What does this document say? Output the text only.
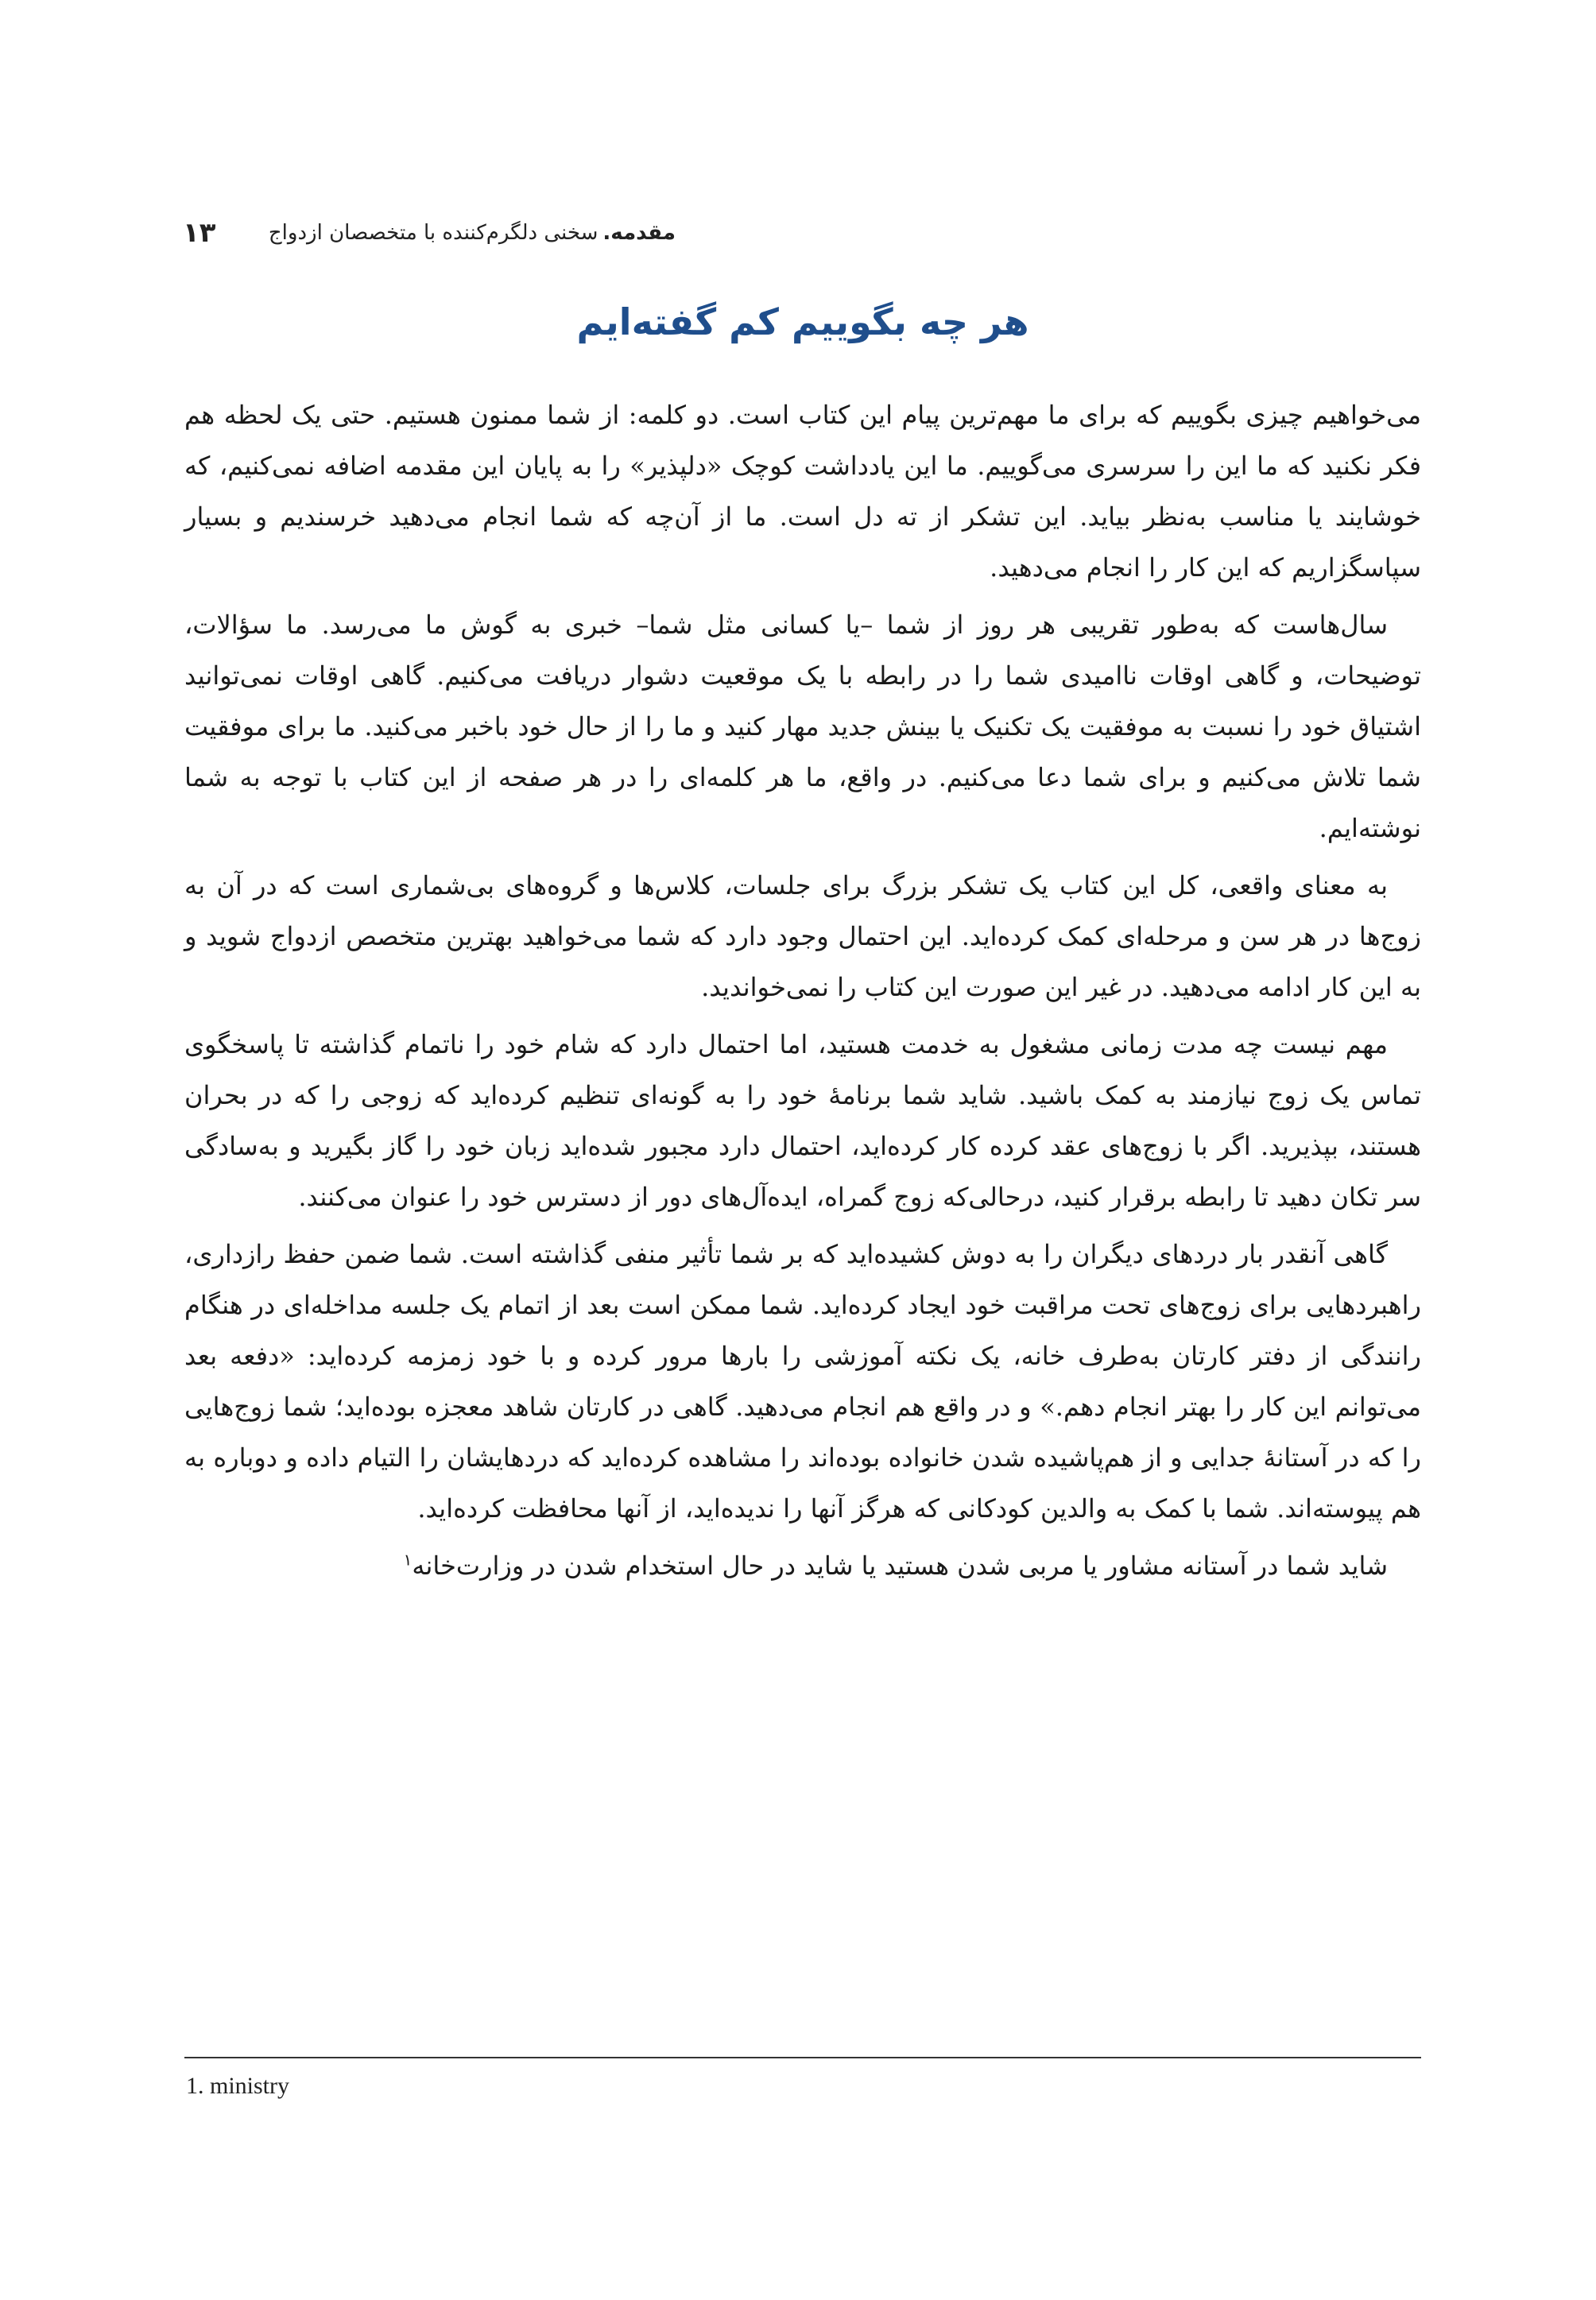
مقدمه.
سخنی دلگرم‌کننده با متخصصان ازدواج
۱۳
هر چه بگوییم کم گفته‌ایم

می‌خواهیم چیزی بگوییم که برای ما مهم‌ترین پیام این کتاب است. دو کلمه: از شما ممنون هستیم. حتی یک لحظه هم فکر نکنید که ما این را سرسری می‌گوییم. ما این یادداشت کوچک «دلپذیر» را به پایان این مقدمه اضافه نمی‌کنیم، که خوشایند یا مناسب به‌نظر بیاید. این تشکر از ته دل است. ما از آن‌چه که شما انجام می‌دهید خرسندیم و بسیار سپاسگزاریم که این کار را انجام می‌دهید.

سال‌هاست که به‌طور تقریبی هر روز از شما –یا کسانی مثل شما– خبری به گوش ما می‌رسد. ما سؤالات، توضیحات، و گاهی اوقات ناامیدی شما را در رابطه با یک موقعیت دشوار دریافت می‌کنیم. گاهی اوقات نمی‌توانید اشتیاق خود را نسبت به موفقیت یک تکنیک یا بینش جدید مهار کنید و ما را از حال خود باخبر می‌کنید. ما برای موفقیت شما تلاش می‌کنیم و برای شما دعا می‌کنیم. در واقع، ما هر کلمه‌ای را در هر صفحه از این کتاب با توجه به شما نوشته‌ایم.

به معنای واقعی، کل این کتاب یک تشکر بزرگ برای جلسات، کلاس‌ها و گروه‌های بی‌شماری است که در آن به زوج‌ها در هر سن و مرحله‌ای کمک کرده‌اید. این احتمال وجود دارد که شما می‌خواهید بهترین متخصص ازدواج شوید و به این کار ادامه می‌دهید. در غیر این صورت این کتاب را نمی‌خواندید.

مهم نیست چه مدت زمانی مشغول به خدمت هستید، اما احتمال دارد که شام خود را ناتمام گذاشته تا پاسخگوی تماس یک زوج نیازمند به کمک باشید. شاید شما برنامهٔ خود را به گونه‌ای تنظیم کرده‌اید که زوجی را که در بحران هستند، بپذیرید. اگر با زوج‌های عقد کرده کار کرده‌اید، احتمال دارد مجبور شده‌اید زبان خود را گاز بگیرید و به‌سادگی سر تکان دهید تا رابطه برقرار کنید، درحالی‌که زوج گمراه، ایده‌آل‌های دور از دسترس خود را عنوان می‌کنند.

گاهی آنقدر بار دردهای دیگران را به دوش کشیده‌اید که بر شما تأثیر منفی گذاشته است. شما ضمن حفظ رازداری، راهبردهایی برای زوج‌های تحت مراقبت خود ایجاد کرده‌اید. شما ممکن است بعد از اتمام یک جلسه مداخله‌ای در هنگام رانندگی از دفتر کارتان به‌طرف خانه، یک نکته آموزشی را بارها مرور کرده و با خود زمزمه کرده‌اید: «دفعه بعد می‌توانم این کار را بهتر انجام دهم.» و در واقع هم انجام می‌دهید. گاهی در کارتان شاهد معجزه بوده‌اید؛ شما زوج‌هایی را که در آستانهٔ جدایی و از هم‌پاشیده شدن خانواده بوده‌اند را مشاهده کرده‌اید که دردهایشان را التیام داده و دوباره به هم پیوسته‌اند. شما با کمک به والدین کودکانی که هرگز آنها را ندیده‌اید، از آنها محافظت کرده‌اید.

شاید شما در آستانه مشاور یا مربی شدن هستید یا شاید در حال استخدام شدن در وزارت‌خانه$^۱$

1. ministry
